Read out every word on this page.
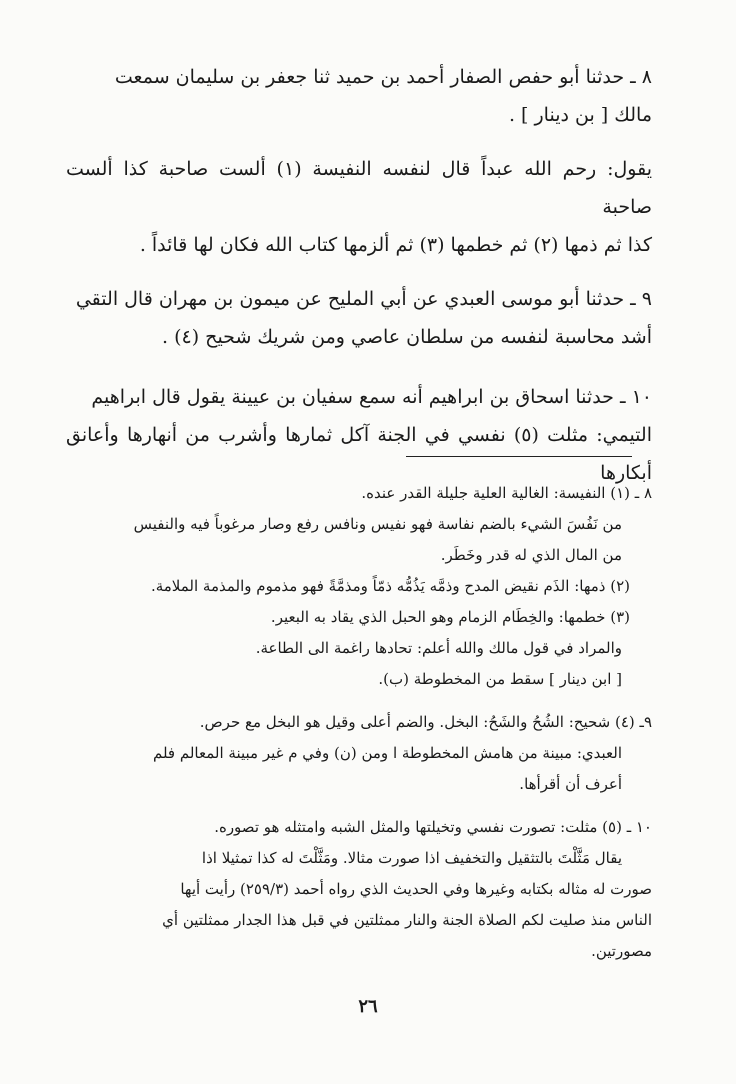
٨ ـ حدثنا أبو حفص الصفار أحمد بن حميد ثنا جعفر بن سليمان سمعت
مالك [ بن دينار ] .

يقول: رحم الله عبداً قال لنفسه النفيسة (١) ألست صاحبة كذا ألست صاحبة
كذا ثم ذمها (٢) ثم خطمها (٣) ثم ألزمها كتاب الله فكان لها قائداً .

٩ ـ حدثنا أبو موسى العبدي عن أبي المليح عن ميمون بن مهران قال التقي
أشد محاسبة لنفسه من سلطان عاصي ومن شريك شحيح (٤) .

١٠ ـ حدثنا اسحاق بن ابراهيم أنه سمع سفيان بن عيينة يقول قال ابراهيم
التيمي: مثلت (٥) نفسي في الجنة آكل ثمارها وأشرب من أنهارها وأعانق أبكارها

٨ ـ (١) النفيسة: الغالية العلية جليلة القدر عنده.
من نَفُسَ الشيء بالضم نفاسة فهو نفيس ونافس رفع وصار مرغوباً فيه والنفيس
من المال الذي له قدر وخَطَر.
(٢) ذمها: الذَم نقيض المدح وذمَّه يَذُمُّه ذمّاً ومذمَّةً فهو مذموم والمذمة الملامة.
(٣) خطمها: والخِطَام الزمام وهو الحبل الذي يقاد به البعير.
والمراد في قول مالك والله أعلم: تحادها راغمة الى الطاعة.
[ ابن دينار ] سقط من المخطوطة (ب).
٩ـ (٤) شحيح: الشُحُ والشَحُ: البخل. والضم أعلى وقيل هو البخل مع حرص.
العبدي: مبينة من هامش المخطوطة ا ومن (ن) وفي م غير مبينة المعالم فلم
أعرف أن أقرأها.
١٠ ـ (٥) مثلت: تصورت نفسي وتخيلتها والمثل الشبه وامتثله هو تصوره.
يقال مَثَّلْتَ بالتثقيل والتخفيف اذا صورت مثالا. ومَثَّلْتَ له كذا تمثيلا اذا
صورت له مثاله بكتابه وغيرها وفي الحديث الذي رواه أحمد (٢٥٩/٣) رأيت أيها
الناس منذ صليت لكم الصلاة الجنة والنار ممثلتين في قبل هذا الجدار ممثلتين أي
مصورتين.
٢٦
